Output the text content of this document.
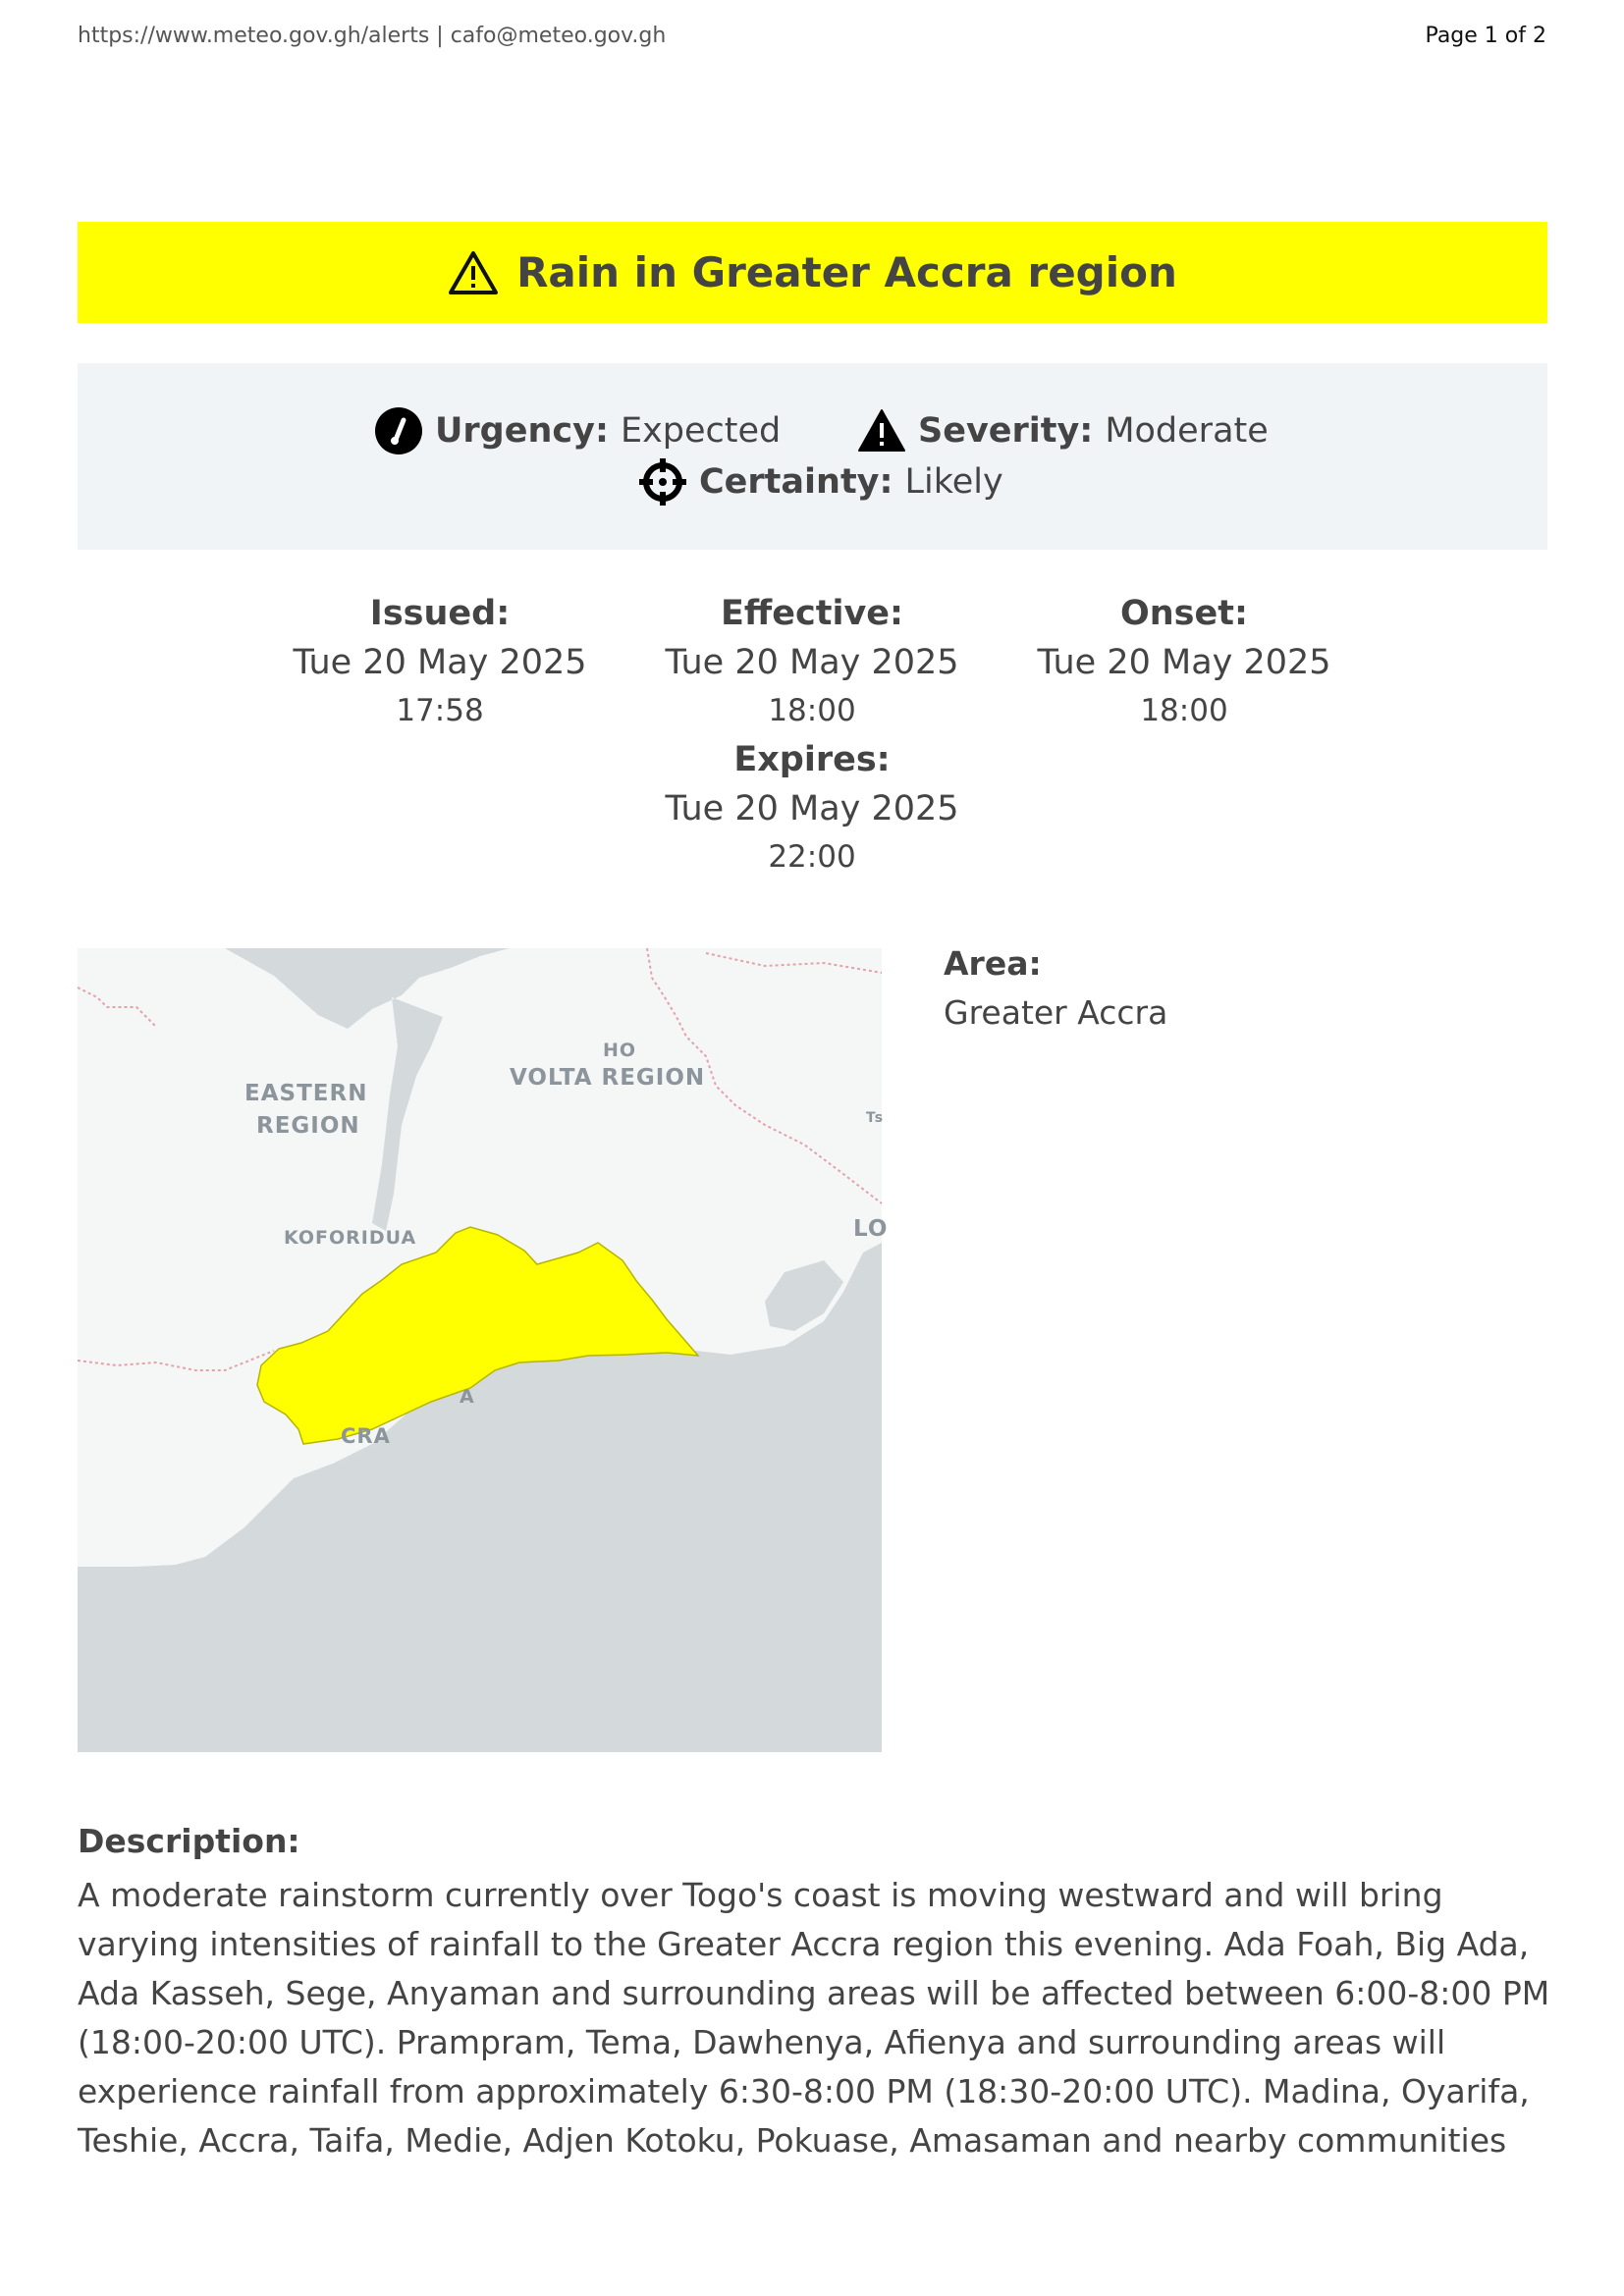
https://www.meteo.gov.gh/alerts | cafo@meteo.gov.gh	Page 1 of 2
Rain in Greater Accra region
Urgency: Expected	Severity: Moderate
Certainty: Likely
Issued:
Tue 20 May 2025
17:58
Effective:
Tue 20 May 2025
18:00
Onset:
Tue 20 May 2025
18:00
Expires:
Tue 20 May 2025
22:00
EASTERN
REGION
HO
VOLTA REGION
KOFORIDUA
Ts
LO
A
CRA
Area:
Greater Accra
Description:
A moderate rainstorm currently over Togo's coast is moving westward and will bring varying intensities of rainfall to the Greater Accra region this evening. Ada Foah, Big Ada, Ada Kasseh, Sege, Anyaman and surrounding areas will be affected between 6:00-8:00 PM (18:00-20:00 UTC). Prampram, Tema, Dawhenya, Afienya and surrounding areas will experience rainfall from approximately 6:30-8:00 PM (18:30-20:00 UTC). Madina, Oyarifa, Teshie, Accra, Taifa, Medie, Adjen Kotoku, Pokuase, Amasaman and nearby communities
